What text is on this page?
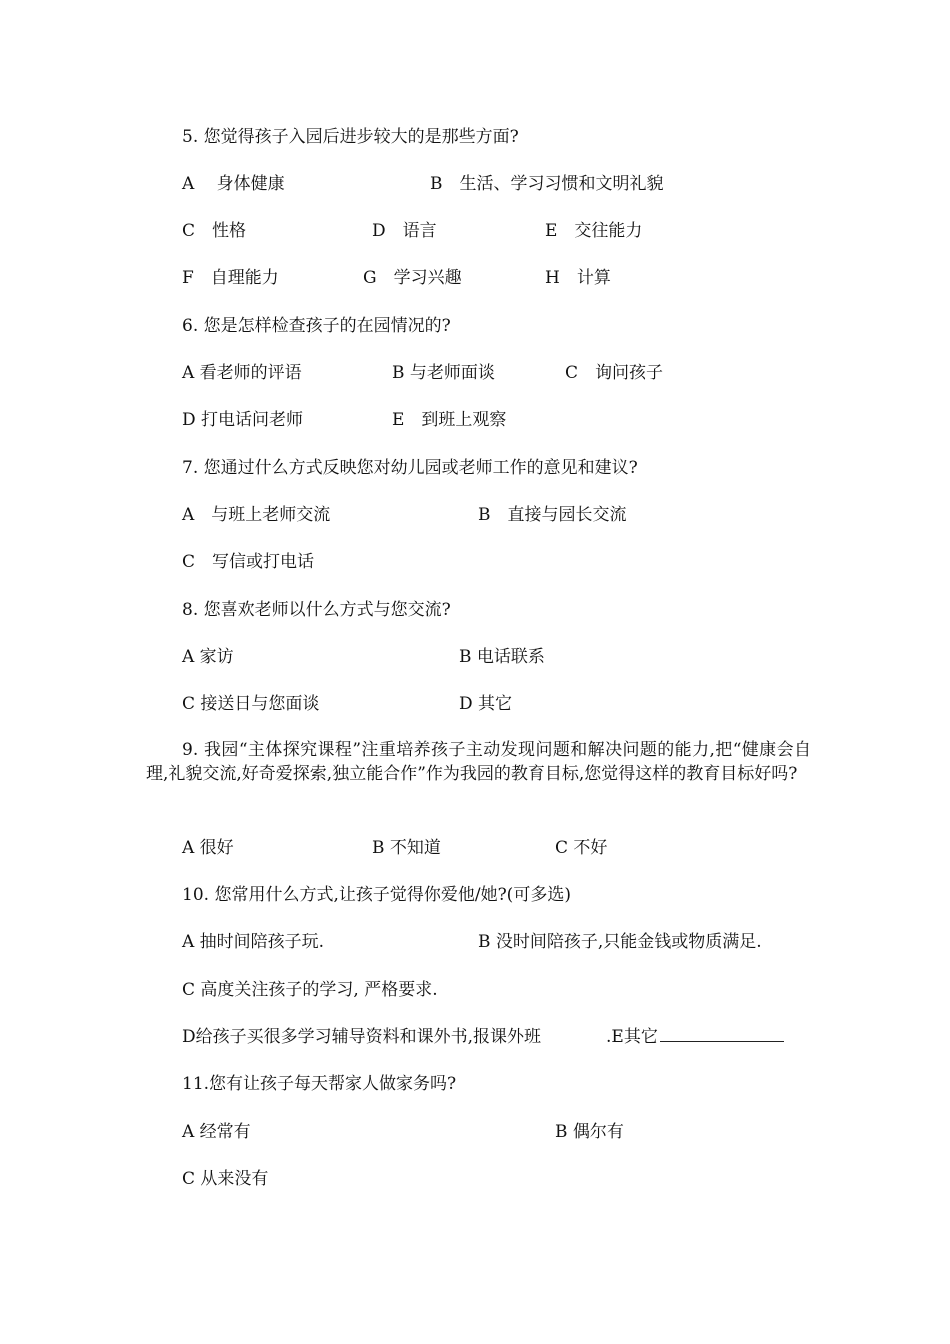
5. 您觉得孩子入园后进步较大的是那些方面?
A　 身体健康	B　生活、学习习惯和文明礼貌
C　性格	D　语言	E　交往能力
F　自理能力	G　学习兴趣	H　计算
6. 您是怎样检查孩子的在园情况的?
A 看老师的评语	B 与老师面谈	C　询问孩子
D 打电话问老师	E　到班上观察
7. 您通过什么方式反映您对幼儿园或老师工作的意见和建议?
A　与班上老师交流	B　直接与园长交流
C　写信或打电话
8. 您喜欢老师以什么方式与您交流?
A 家访	B 电话联系
C 接送日与您面谈	D 其它
9. 我园“主体探究课程”注重培养孩子主动发现问题和解决问题的能力,把“健康会自理,礼貌交流,好奇爱探索,独立能合作”作为我园的教育目标,您觉得这样的教育目标好吗?
A 很好	B 不知道	C 不好
10. 您常用什么方式,让孩子觉得你爱他/她?(可多选)
A 抽时间陪孩子玩.	B 没时间陪孩子,只能金钱或物质满足.
C 高度关注孩子的学习, 严格要求.
D给孩子买很多学习辅导资料和课外书,报课外班	.E其它
11.您有让孩子每天帮家人做家务吗?
A 经常有	B 偶尔有
C 从来没有
